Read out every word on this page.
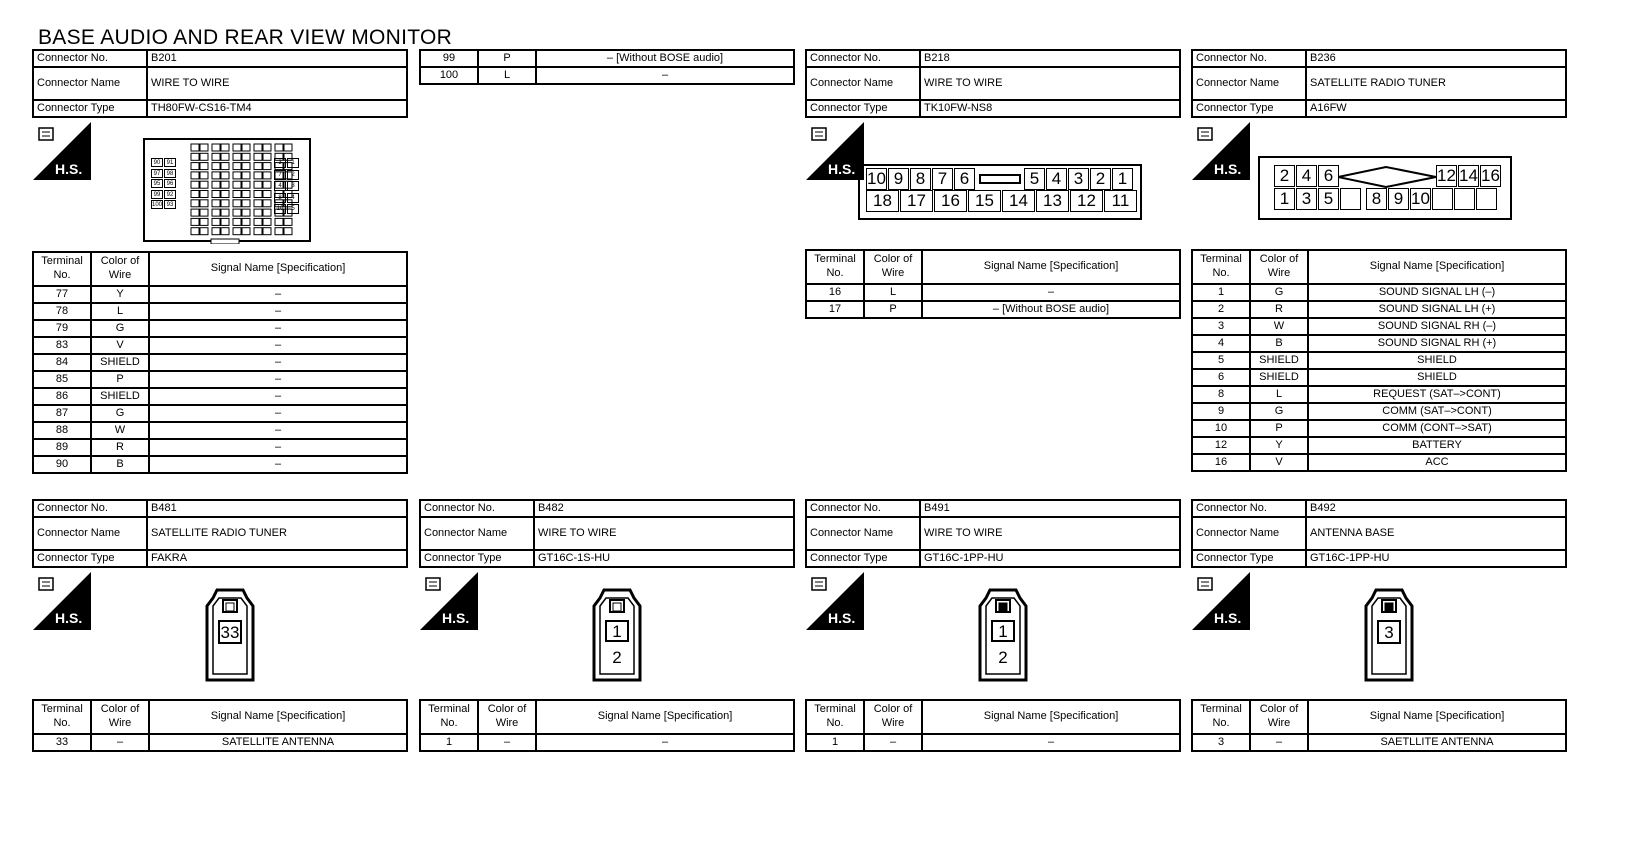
BASE AUDIO AND REAR VIEW MONITOR
Connector No.	B201
Connector Name	WIRE TO WIRE
Connector Type	TH80FW-CS16-TM4
H.S.	90	91
97	98
95	96
99	92
100 93
3	1
7	2
4	3
8	4
10	5
Terminal No.	Color of Wire	Signal Name [Specification]
77	Y	–
78	L	–
79	G	–
83	V	–
84	SHIELD	–
85	P	–
86	SHIELD	–
87	G	–
88	W	–
89	R	–
90	B	–
99	P	– [Without BOSE audio]
100	L	–
Connector No.	B218
Connector Name	WIRE TO WIRE
Connector Type	TK10FW-NS8
H.S. 10 9 8 7 6	5 4 3 2 1
18 17 16 15 14 13 12 11
Terminal No.	Color of Wire	Signal Name [Specification]
16	L	–
17	P	– [Without BOSE audio]
Connector No.	B236
Connector Name	SATELLITE RADIO TUNER
Connector Type	A16FW
H.S.	2 4 6	12 14 16
1 3 5	8 9 10
Terminal No.	Color of Wire	Signal Name [Specification]
1	G	SOUND SIGNAL LH (–)
2	R	SOUND SIGNAL LH (+)
3	W	SOUND SIGNAL RH (–)
4	B	SOUND SIGNAL RH (+)
5	SHIELD	SHIELD
6	SHIELD	SHIELD
8	L	REQUEST (SAT–>CONT)
9	G	COMM (SAT–>CONT)
10	P	COMM (CONT–>SAT)
12	Y	BATTERY
16	V	ACC
Connector No.	B481
Connector Name	SATELLITE RADIO TUNER
Connector Type	FAKRA
H.S.
33
Terminal No.	Color of Wire	Signal Name [Specification]
33	–	SATELLITE ANTENNA
Connector No.	B482
Connector Name	WIRE TO WIRE
Connector Type	GT16C-1S-HU
H.S.
1
2
Terminal No.	Color of Wire	Signal Name [Specification]
1	–	–
Connector No.	B491
Connector Name	WIRE TO WIRE
Connector Type	GT16C-1PP-HU
H.S.
1
2
Terminal No.	Color of Wire	Signal Name [Specification]
1	–	–
Connector No.	B492
Connector Name	ANTENNA BASE
Connector Type	GT16C-1PP-HU
H.S.
3
Terminal No.	Color of Wire	Signal Name [Specification]
3	–	SAETLLITE ANTENNA
